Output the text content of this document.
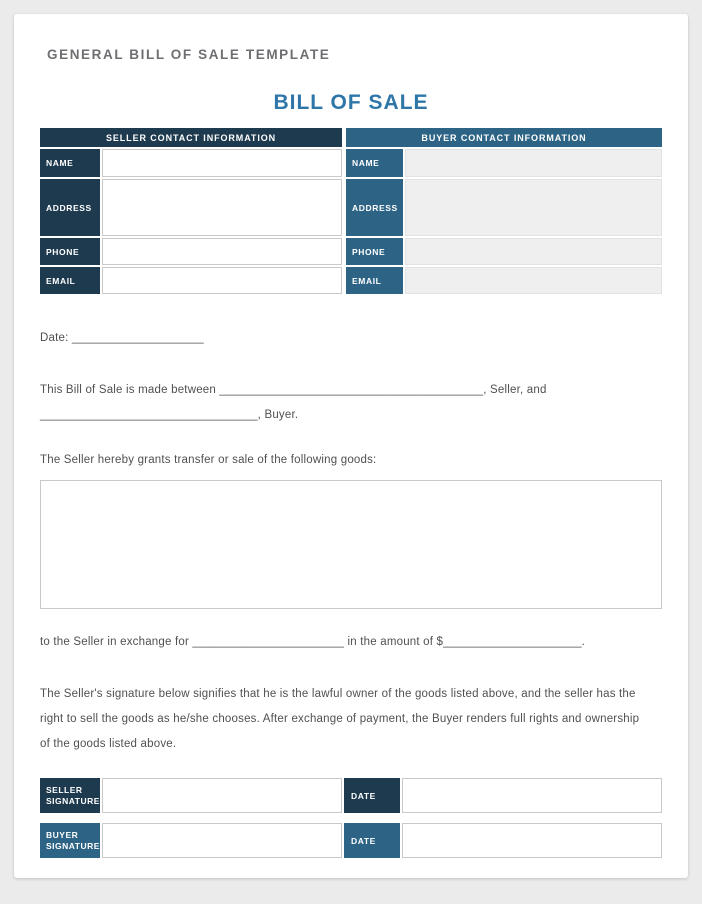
GENERAL BILL OF SALE TEMPLATE
BILL OF SALE
SELLER CONTACT INFORMATION
NAME
ADDRESS
PHONE
EMAIL
BUYER CONTACT INFORMATION
NAME
ADDRESS
PHONE
EMAIL
Date: ____________________
This Bill of Sale is made between ________________________________________, Seller, and
_________________________________, Buyer.
The Seller hereby grants transfer or sale of the following goods:
to the Seller in exchange for _______________________ in the amount of $_____________________.
The Seller's signature below signifies that he is the lawful owner of the goods listed above, and the seller has the
right to sell the goods as he/she chooses. After exchange of payment, the Buyer renders full rights and ownership
of the goods listed above.
SELLER SIGNATURE	DATE
BUYER SIGNATURE	DATE
